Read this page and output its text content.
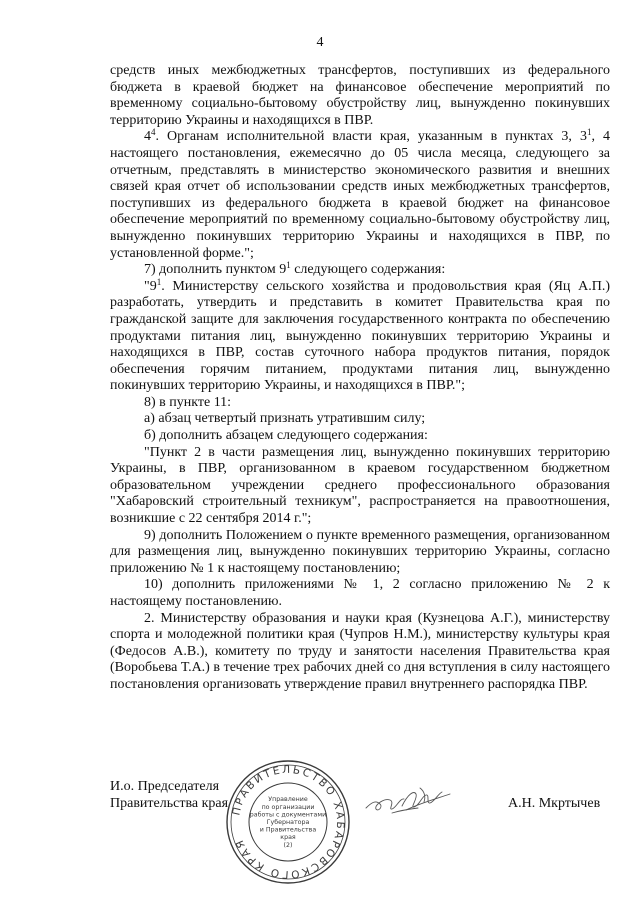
4

средств иных межбюджетных трансфертов, поступивших из федерального бюджета в краевой бюджет на финансовое обеспечение мероприятий по временному социально-бытовому обустройству лиц, вынужденно покинувших территорию Украины и находящихся в ПВР.

$4^4$. Органам исполнительной власти края, указанным в пунктах 3, $3^1$, 4 настоящего постановления, ежемесячно до 05 числа месяца, следующего за отчетным, представлять в министерство экономического развития и внешних связей края отчет об использовании средств иных межбюджетных трансфертов, поступивших из федерального бюджета в краевой бюджет на финансовое обеспечение мероприятий по временному социально-бытовому обустройству лиц, вынужденно покинувших территорию Украины и находящихся в ПВР, по установленной форме.";

7) дополнить пунктом $9^1$ следующего содержания:

"$9^1$. Министерству сельского хозяйства и продовольствия края (Яц А.П.) разработать, утвердить и представить в комитет Правительства края по гражданской защите для заключения государственного контракта по обеспечению продуктами питания лиц, вынужденно покинувших территорию Украины и находящихся в ПВР, состав суточного набора продуктов питания, порядок обеспечения горячим питанием, продуктами питания лиц, вынужденно покинувших территорию Украины, и находящихся в ПВР.";

8) в пункте 11:

а) абзац четвертый признать утратившим силу;

б) дополнить абзацем следующего содержания:

"Пункт 2 в части размещения лиц, вынужденно покинувших территорию Украины, в ПВР, организованном в краевом государственном бюджетном образовательном учреждении среднего профессионального образования "Хабаровский строительный техникум", распространяется на правоотношения, возникшие с 22 сентября 2014 г.";

9) дополнить Положением о пункте временного размещения, организованном для размещения лиц, вынужденно покинувших территорию Украины, согласно приложению № 1 к настоящему постановлению;

10) дополнить приложениями № 1, 2 согласно приложению № 2 к настоящему постановлению.

2. Министерству образования и науки края (Кузнецова А.Г.), министерству спорта и молодежной политики края (Чупров Н.М.), министерству культуры края (Федосов А.В.), комитету по труду и занятости населения Правительства края (Воробьева Т.А.) в течение трех рабочих дней со дня вступления в силу настоящего постановления организовать утверждение правил внутреннего распорядка ПВР.

И.о. Председателя
Правительства края ПРАВИТЕЛЬСТВО ХАБАРОВСКОГО КРАЯ
Управление
по организации
работы с документами
Губернатора
и Правительства
края
(2)
А.Н. Мкртычев
